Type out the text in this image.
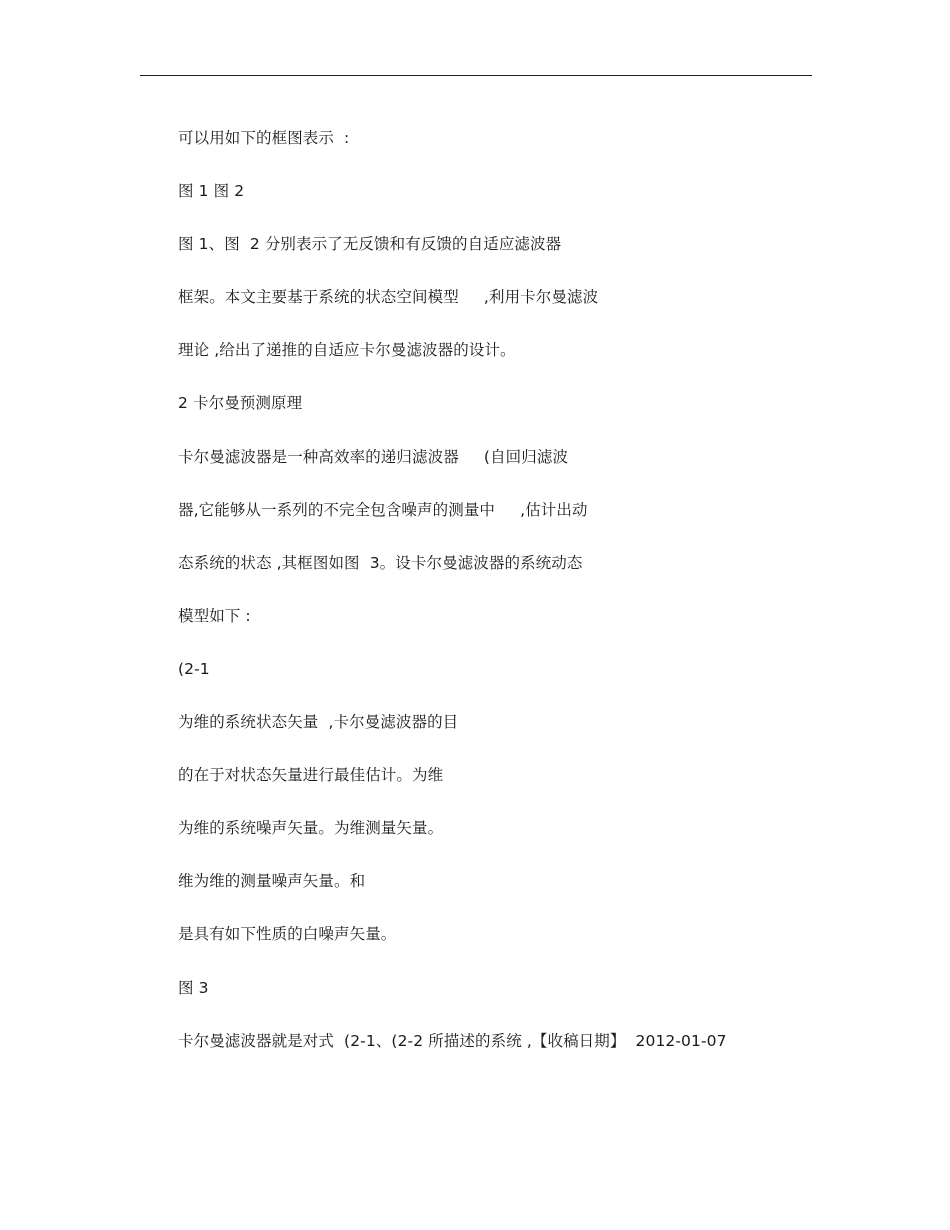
可以用如下的框图表示  :
图 1 图 2
图 1、图  2 分别表示了无反馈和有反馈的自适应滤波器
框架。本文主要基于系统的状态空间模型     ,利用卡尔曼滤波
理论 ,给出了递推的自适应卡尔曼滤波器的设计。
2 卡尔曼预测原理
卡尔曼滤波器是一种高效率的递归滤波器     (自回归滤波
器,它能够从一系列的不完全包含噪声的测量中     ,估计出动
态系统的状态 ,其框图如图  3。设卡尔曼滤波器的系统动态
模型如下 :
(2-1
为维的系统状态矢量  ,卡尔曼滤波器的目
的在于对状态矢量进行最佳估计。为维
为维的系统噪声矢量。为维测量矢量。
维为维的测量噪声矢量。和
是具有如下性质的白噪声矢量。
图 3
卡尔曼滤波器就是对式  (2-1、(2-2 所描述的系统 ,【收稿日期】  2012-01-07
